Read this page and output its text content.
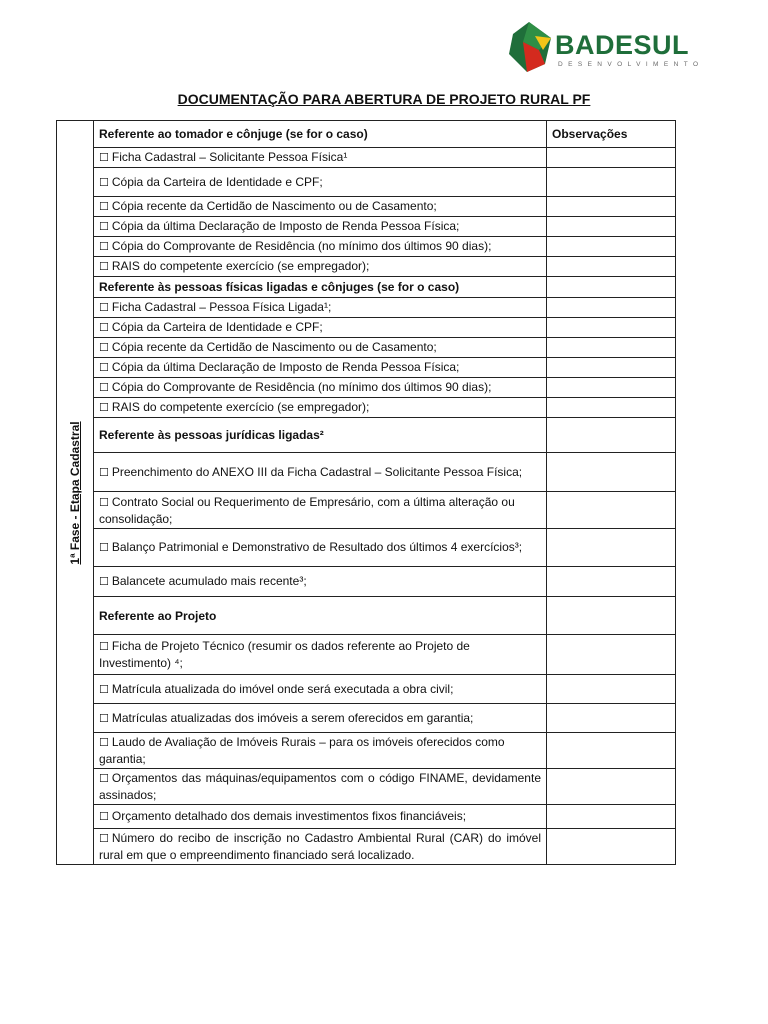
BADESUL
DESENVOLVIMENTO
DOCUMENTAÇÃO PARA ABERTURA DE PROJETO RURAL PF
1ª Fase - Etapa Cadastral	Referente ao tomador e cônjuge (se for o caso)	Observações
	☐ Ficha Cadastral – Solicitante Pessoa Física¹	
	☐ Cópia da Carteira de Identidade e CPF;	
	☐ Cópia recente da Certidão de Nascimento ou de Casamento;	
	☐ Cópia da última Declaração de Imposto de Renda Pessoa Física;	
	☐ Cópia do Comprovante de Residência (no mínimo dos últimos 90 dias);	
	☐ RAIS do competente exercício (se empregador);	
	Referente às pessoas físicas ligadas e cônjuges (se for o caso)	
	☐ Ficha Cadastral – Pessoa Física Ligada¹;	
	☐ Cópia da Carteira de Identidade e CPF;	
	☐ Cópia recente da Certidão de Nascimento ou de Casamento;	
	☐ Cópia da última Declaração de Imposto de Renda Pessoa Física;	
	☐ Cópia do Comprovante de Residência (no mínimo dos últimos 90 dias);	
	☐ RAIS do competente exercício (se empregador);	
	Referente às pessoas jurídicas ligadas²	
	☐ Preenchimento do ANEXO III da Ficha Cadastral – Solicitante Pessoa Física;	
	☐ Contrato Social ou Requerimento de Empresário, com a última alteração ou consolidação;	
	☐ Balanço Patrimonial e Demonstrativo de Resultado dos últimos 4 exercícios³;	
	☐ Balancete acumulado mais recente³;	
	Referente ao Projeto	
	☐ Ficha de Projeto Técnico (resumir os dados referente ao Projeto de Investimento) ⁴;	
	☐ Matrícula atualizada do imóvel onde será executada a obra civil;	
	☐ Matrículas atualizadas dos imóveis a serem oferecidos em garantia;	
	☐ Laudo de Avaliação de Imóveis Rurais – para os imóveis oferecidos como garantia;	
	☐ Orçamentos das máquinas/equipamentos com o código FINAME, devidamente assinados;	
	☐ Orçamento detalhado dos demais investimentos fixos financiáveis;	
	☐ Número do recibo de inscrição no Cadastro Ambiental Rural (CAR) do imóvel rural em que o empreendimento financiado será localizado.	
